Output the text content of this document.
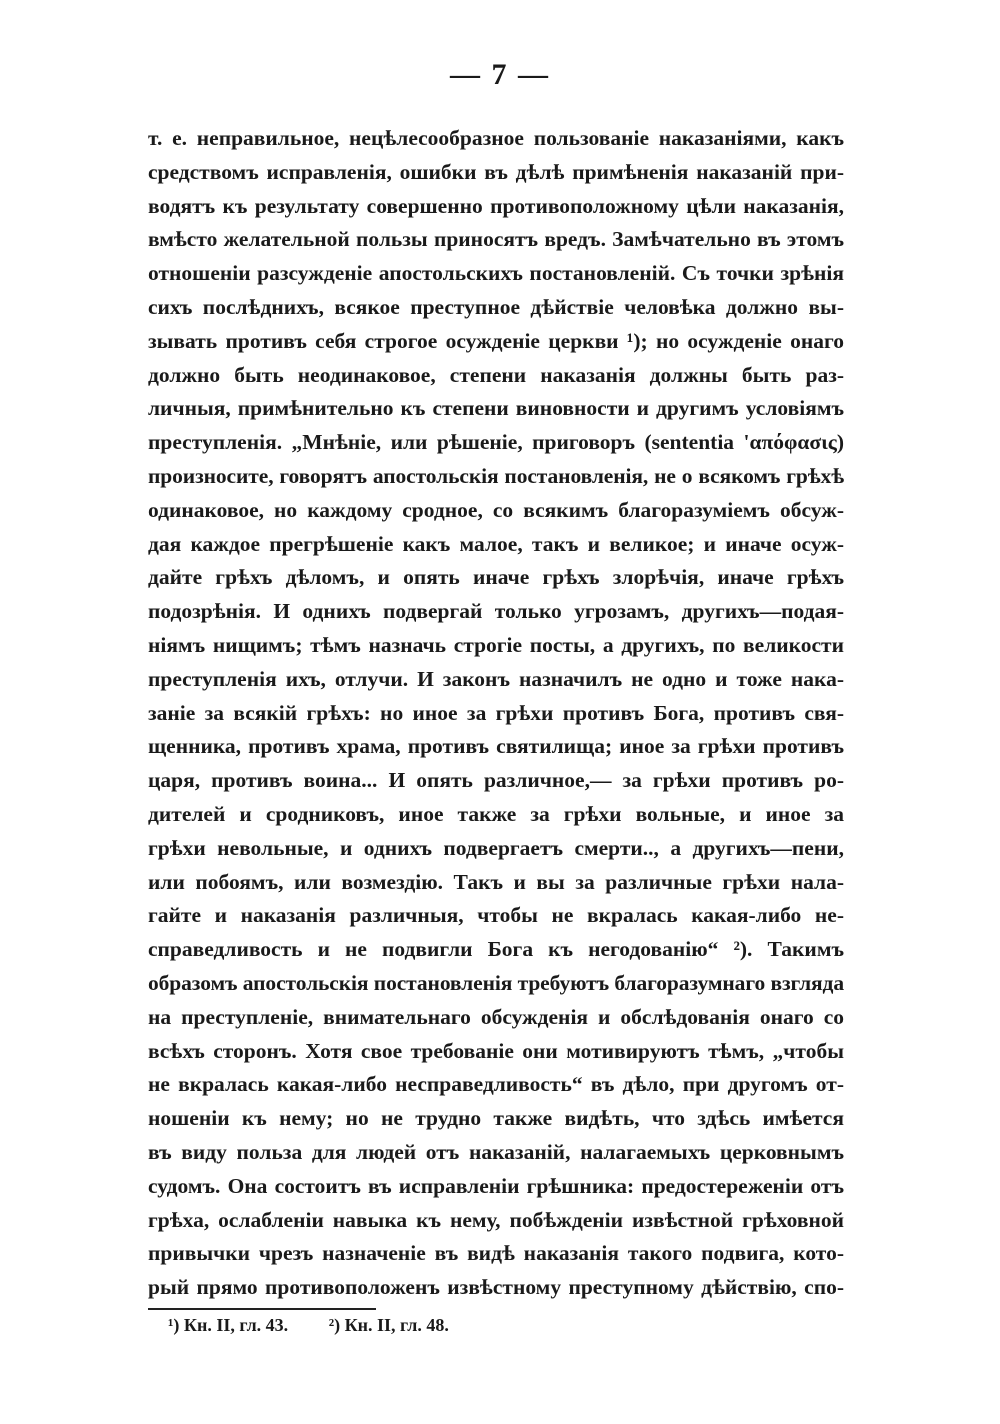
— 7 —
т. е. неправильное, нецѣлесообразное пользованіе наказаніями, какъ
средствомъ исправленія, ошибки въ дѣлѣ примѣненія наказаній при-
водятъ къ результату совершенно противоположному цѣли наказанія,
вмѣсто желательной пользы приносятъ вредъ. Замѣчательно въ этомъ
отношеніи разсужденіе апостольскихъ постановленій. Съ точки зрѣнія
сихъ послѣднихъ, всякое преступное дѣйствіе человѣка должно вы-
зывать противъ себя строгое осужденіе церкви ¹); но осужденіе онаго
должно быть неодинаковое, степени наказанія должны быть раз-
личныя, примѣнительно къ степени виновности и другимъ условіямъ
преступленія. „Мнѣніе, или рѣшеніе, приговоръ (sententia 'απόφασις)
произносите, говорятъ апостольскія постановленія, не о всякомъ грѣхѣ
одинаковое, но каждому сродное, со всякимъ благоразуміемъ обсуж-
дая каждое прегрѣшеніе какъ малое, такъ и великое; и иначе осуж-
дайте грѣхъ дѣломъ, и опять иначе грѣхъ злорѣчія, иначе грѣхъ
подозрѣнія. И однихъ подвергай только угрозамъ, другихъ—подая-
ніямъ нищимъ; тѣмъ назначь строгіе посты, а другихъ, по великости
преступленія ихъ, отлучи. И законъ назначилъ не одно и тоже нака-
заніе за всякій грѣхъ: но иное за грѣхи противъ Бога, противъ свя-
щенника, противъ храма, противъ святилища; иное за грѣхи противъ
царя, противъ воина... И опять различное,— за грѣхи противъ ро-
дителей и сродниковъ, иное также за грѣхи вольные, и иное за
грѣхи невольные, и однихъ подвергаетъ смерти.., а другихъ—пени,
или побоямъ, или возмездію. Такъ и вы за различные грѣхи нала-
гайте и наказанія различныя, чтобы не вкралась какая-либо не-
справедливость и не подвигли Бога къ негодованію“ ²). Такимъ
образомъ апостольскія постановленія требуютъ благоразумнаго взгляда
на преступленіе, внимательнаго обсужденія и обслѣдованія онаго со
всѣхъ сторонъ. Хотя свое требованіе они мотивируютъ тѣмъ, „чтобы
не вкралась какая-либо несправедливость“ въ дѣло, при другомъ от-
ношеніи къ нему; но не трудно также видѣть, что здѣсь имѣется
въ виду польза для людей отъ наказаній, налагаемыхъ церковнымъ
судомъ. Она состоитъ въ исправленіи грѣшника: предостереженіи отъ
грѣха, ослабленіи навыка къ нему, побѣжденіи извѣстной грѣховной
привычки чрезъ назначеніе въ видѣ наказанія такого подвига, кото-
рый прямо противоположенъ извѣстному преступному дѣйствію, спо-
¹) Кн. II, гл. 43. ²) Кн. II, гл. 48.
